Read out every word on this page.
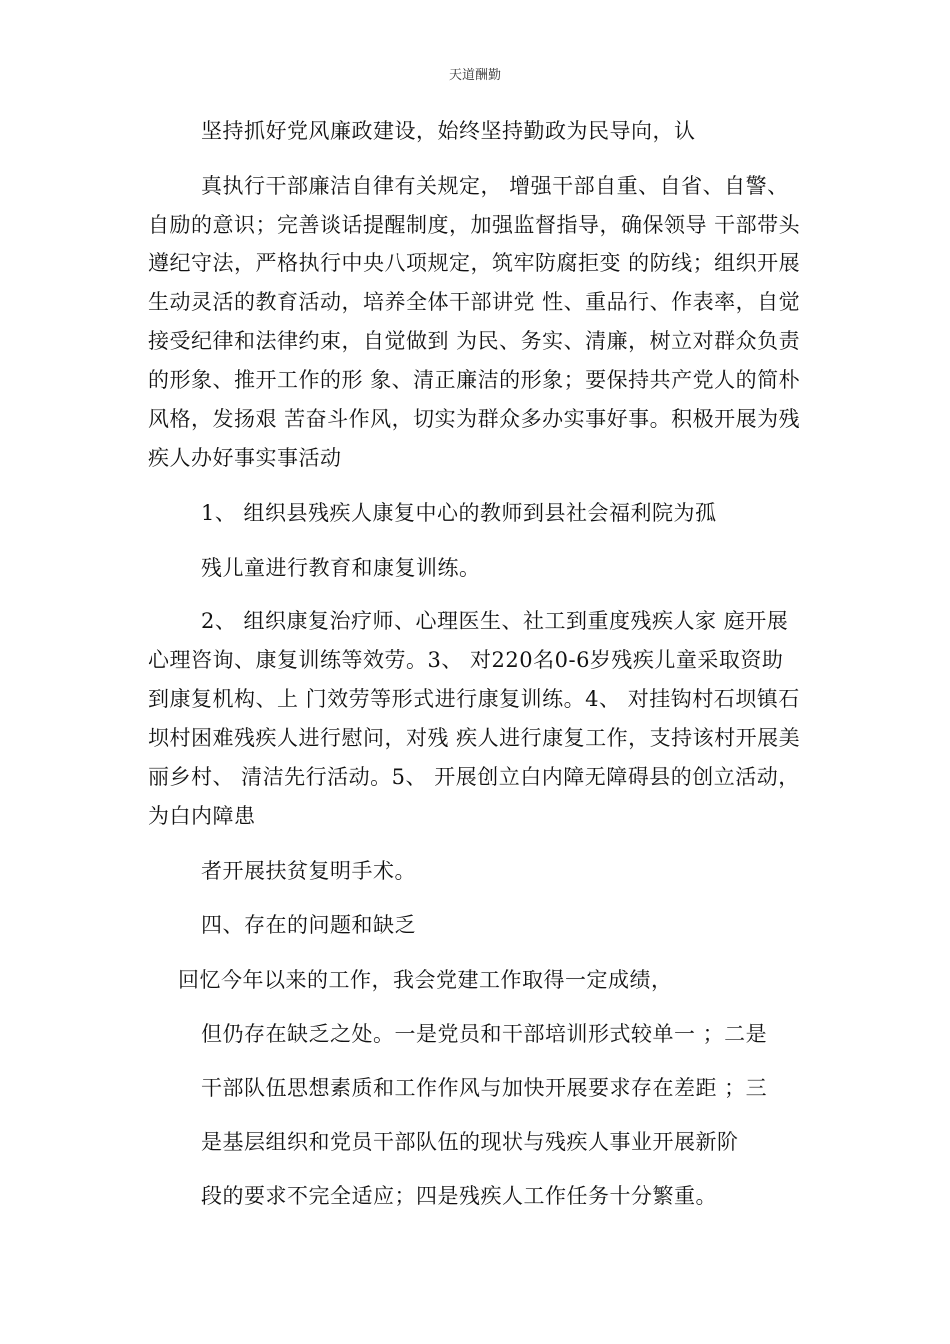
天道酬勤
坚持抓好党风廉政建设，始终坚持勤政为民导向，认
真执行干部廉洁自律有关规定， 增强干部自重、自省、自警、
自励的意识；完善谈话提醒制度，加强监督指导，确保领导 干部带头
遵纪守法，严格执行中央八项规定，筑牢防腐拒变 的防线；组织开展
生动灵活的教育活动，培养全体干部讲党 性、重品行、作表率，自觉
接受纪律和法律约束，自觉做到 为民、务实、清廉，树立对群众负责
的形象、推开工作的形 象、清正廉洁的形象；要保持共产党人的简朴
风格，发扬艰 苦奋斗作风，切实为群众多办实事好事。积极开展为残
疾人办好事实事活动
1、 组织县残疾人康复中心的教师到县社会福利院为孤
残儿童进行教育和康复训练。
2、 组织康复治疗师、心理医生、社工到重度残疾人家 庭开展
心理咨询、康复训练等效劳。3、 对220名0-6岁残疾儿童采取资助
到康复机构、上 门效劳等形式进行康复训练。4、 对挂钩村石坝镇石
坝村困难残疾人进行慰问，对残 疾人进行康复工作，支持该村开展美
丽乡村、 清洁先行活动。5、 开展创立白内障无障碍县的创立活动，
为白内障患
者开展扶贫复明手术。
四、存在的问题和缺乏
回忆今年以来的工作，我会党建工作取得一定成绩，
但仍存在缺乏之处。一是党员和干部培训形式较单一 ；二是
干部队伍思想素质和工作作风与加快开展要求存在差距 ；三
是基层组织和党员干部队伍的现状与残疾人事业开展新阶
段的要求不完全适应；四是残疾人工作任务十分繁重。
